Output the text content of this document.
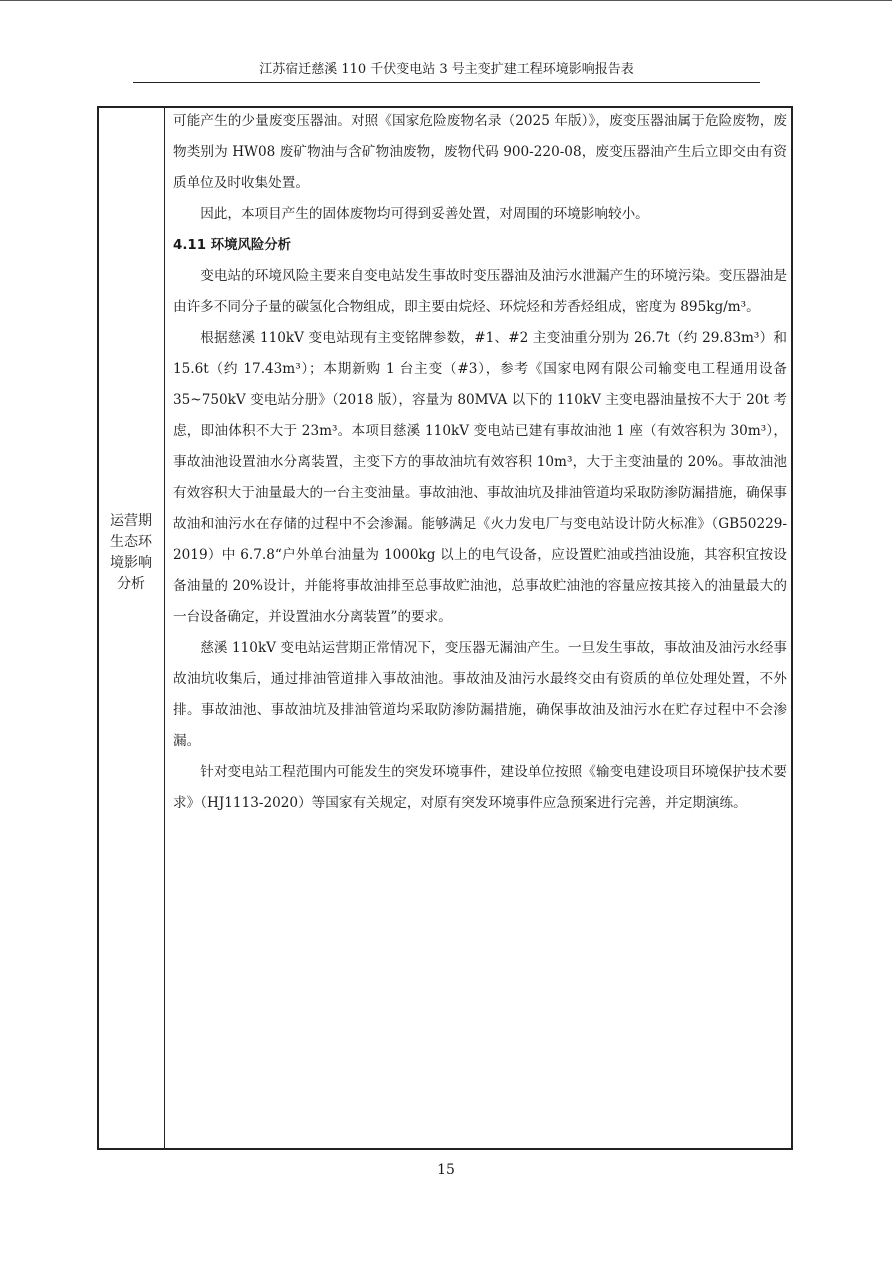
江苏宿迁慈溪 110 千伏变电站 3 号主变扩建工程环境影响报告表
运营期
生态环
境影响
分析

可能产生的少量废变压器油。对照《国家危险废物名录（2025 年版）》，废变压器油属于危险废物，废物类别为 HW08 废矿物油与含矿物油废物，废物代码 900-220-08，废变压器油产生后立即交由有资质单位及时收集处置。

因此，本项目产生的固体废物均可得到妥善处置，对周围的环境影响较小。

4.11 环境风险分析

变电站的环境风险主要来自变电站发生事故时变压器油及油污水泄漏产生的环境污染。变压器油是由许多不同分子量的碳氢化合物组成，即主要由烷烃、环烷烃和芳香烃组成，密度为 895kg/m³。

根据慈溪 110kV 变电站现有主变铭牌参数，#1、#2 主变油重分别为 26.7t（约 29.83m³）和 15.6t（约 17.43m³）；本期新购 1 台主变（#3），参考《国家电网有限公司输变电工程通用设备 35~750kV 变电站分册》（2018 版），容量为 80MVA 以下的 110kV 主变电器油量按不大于 20t 考虑，即油体积不大于 23m³。本项目慈溪 110kV 变电站已建有事故油池 1 座（有效容积为 30m³），事故油池设置油水分离装置，主变下方的事故油坑有效容积 10m³，大于主变油量的 20%。事故油池有效容积大于油量最大的一台主变油量。事故油池、事故油坑及排油管道均采取防渗防漏措施，确保事故油和油污水在存储的过程中不会渗漏。能够满足《火力发电厂与变电站设计防火标准》（GB50229-2019）中 6.7.8“户外单台油量为 1000kg 以上的电气设备，应设置贮油或挡油设施，其容积宜按设备油量的 20%设计，并能将事故油排至总事故贮油池，总事故贮油池的容量应按其接入的油量最大的一台设备确定，并设置油水分离装置”的要求。

慈溪 110kV 变电站运营期正常情况下，变压器无漏油产生。一旦发生事故，事故油及油污水经事故油坑收集后，通过排油管道排入事故油池。事故油及油污水最终交由有资质的单位处理处置，不外排。事故油池、事故油坑及排油管道均采取防渗防漏措施，确保事故油及油污水在贮存过程中不会渗漏。

针对变电站工程范围内可能发生的突发环境事件，建设单位按照《输变电建设项目环境保护技术要求》（HJ1113-2020）等国家有关规定，对原有突发环境事件应急预案进行完善，并定期演练。

15
